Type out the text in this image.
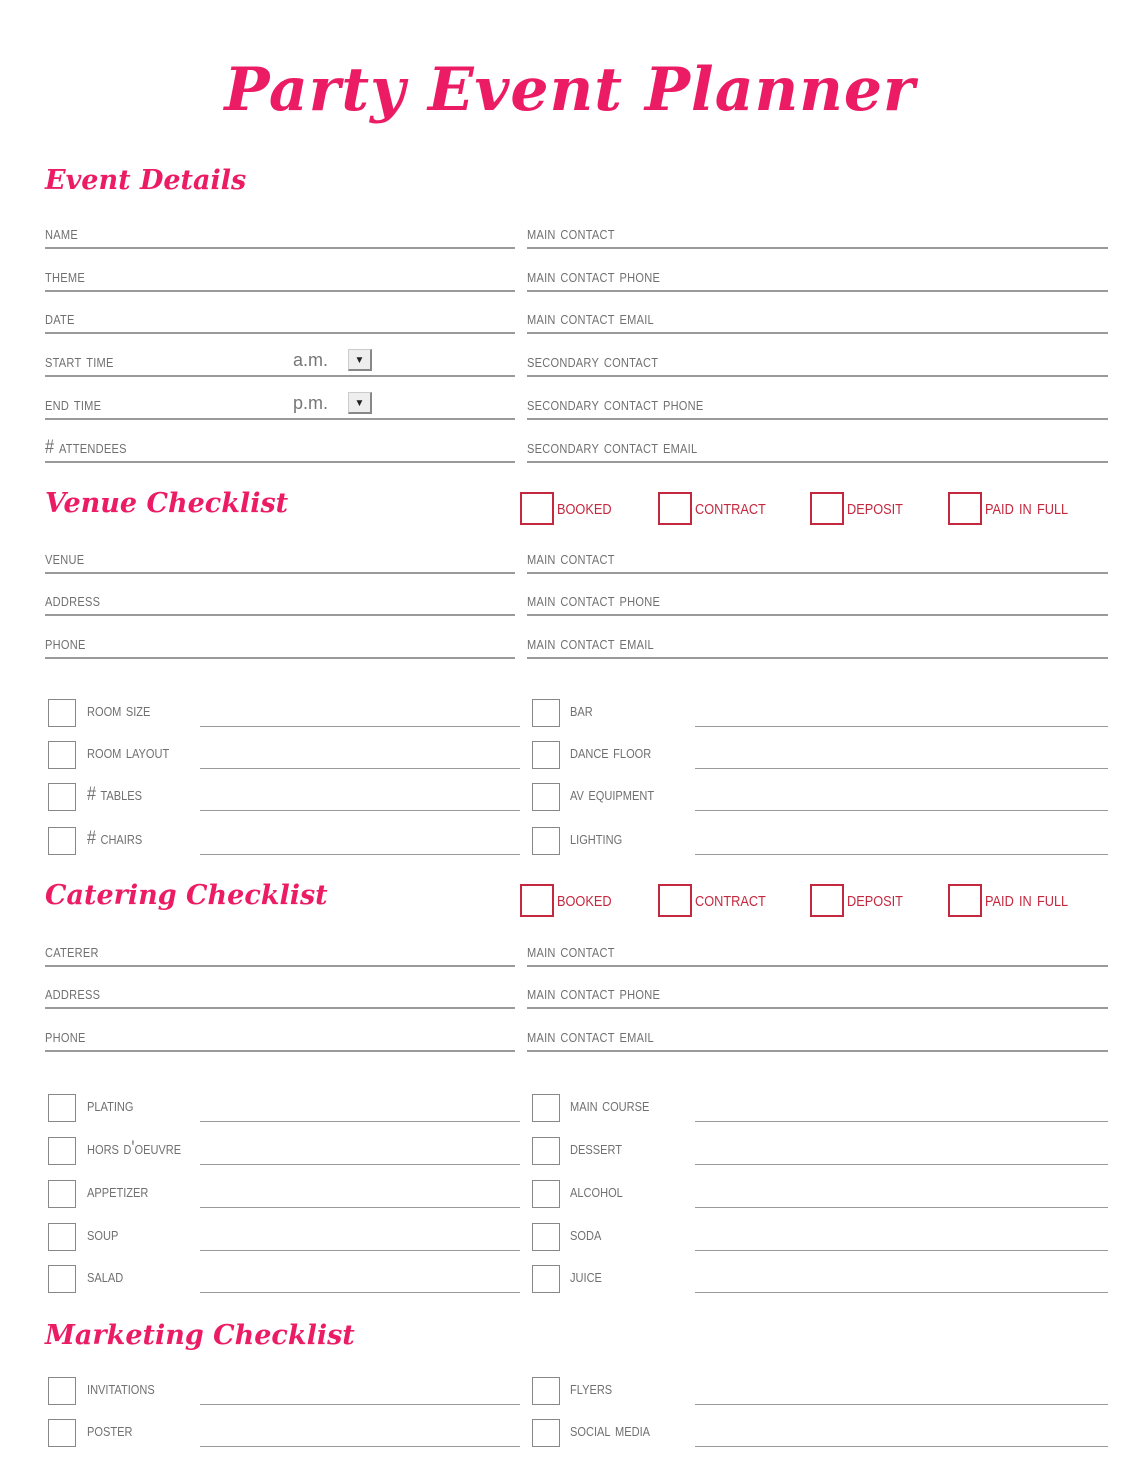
Party Event Planner
Event Details
Venue Checklist
Catering Checklist
Marketing Checklist
name	main contact
theme	main contact phone
date	main contact email
start time	a.m.	▼	secondary contact
end time	p.m.	▼	secondary contact phone
# attendees	secondary contact email
booked	contract	deposit	paid in full
booked	contract	deposit	paid in full
venue	main contact
address	main contact phone
phone	main contact email
caterer	main contact
address	main contact phone
phone	main contact email
room size	bar
room layout	dance floor
# tables	av equipment
# chairs	lighting
plating	main course
hors d'oeuvre	dessert
appetizer	alcohol
soup	soda
salad	juice
invitations	flyers
poster	social media
